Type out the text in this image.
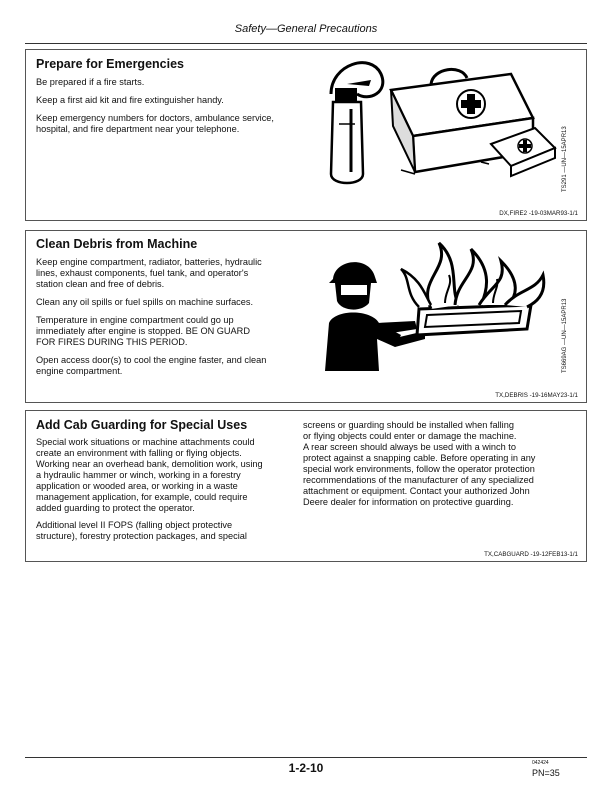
Safety—General Precautions
Prepare for Emergencies

Be prepared if a fire starts.

Keep a first aid kit and fire extinguisher handy.

Keep emergency numbers for doctors, ambulance service,
hospital, and fire department near your telephone.	TS291 —UN—15APR13
DX,FIRE2 -19-03MAR93-1/1
Clean Debris from Machine

Keep engine compartment, radiator, batteries, hydraulic
lines, exhaust components, fuel tank, and operator's
station clean and free of debris.

Clean any oil spills or fuel spills on machine surfaces.

Temperature in engine compartment could go up
immediately after engine is stopped. BE ON GUARD
FOR FIRES DURING THIS PERIOD.

Open access door(s) to cool the engine faster, and clean
engine compartment.	TS669AG —UN—15APR13
TX,DEBRIS -19-16MAY23-1/1
Add Cab Guarding for Special Uses

Special work situations or machine attachments could
create an environment with falling or flying objects.
Working near an overhead bank, demolition work, using
a hydraulic hammer or winch, working in a forestry
application or wooded area, or working in a waste
management application, for example, could require
added guarding to protect the operator.

Additional level II FOPS (falling object protective
structure), forestry protection packages, and special

screens or guarding should be installed when falling
or flying objects could enter or damage the machine.
A rear screen should always be used with a winch to
protect against a snapping cable. Before operating in any
special work environments, follow the operator protection
recommendations of the manufacturer of any specialized
attachment or equipment. Contact your authorized John
Deere dealer for information on protective guarding.

TX,CABGUARD -19-12FEB13-1/1
1-2-10	042424
PN=35
